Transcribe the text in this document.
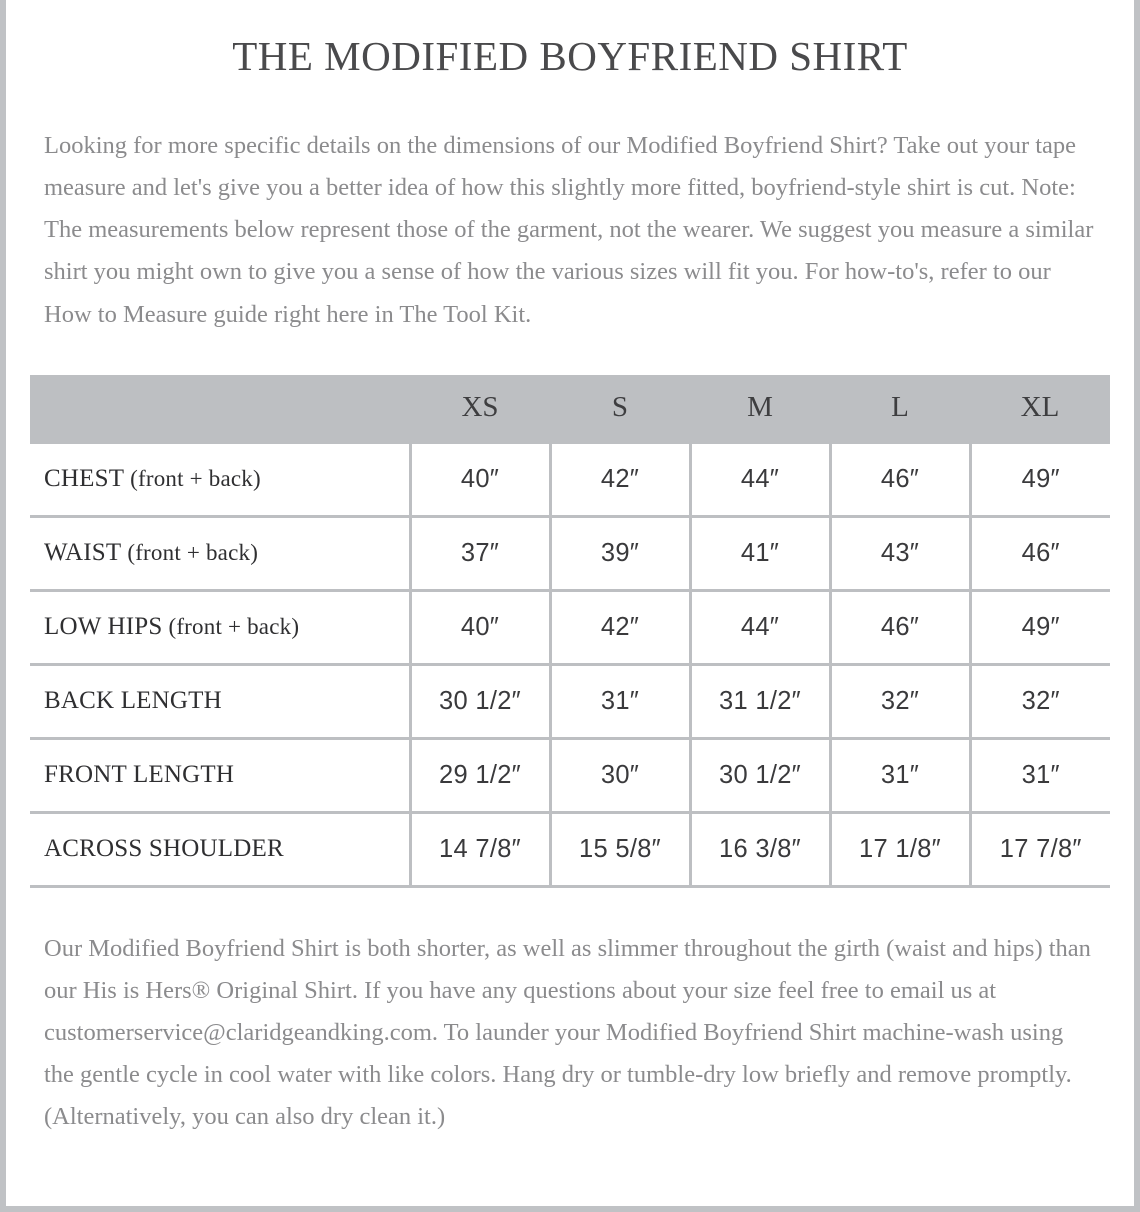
THE MODIFIED BOYFRIEND SHIRT

Looking for more specific details on the dimensions of our Modified Boyfriend Shirt? Take out your tape measure and let's give you a better idea of how this slightly more fitted, boyfriend-style shirt is cut. Note: The measurements below represent those of the garment, not the wearer. We suggest you measure a similar shirt you might own to give you a sense of how the various sizes will fit you. For how-to's, refer to our How to Measure guide right here in The Tool Kit.

	XS	S	M	L	XL
CHEST (front + back)	40″	42″	44″	46″	49″
WAIST (front + back)	37″	39″	41″	43″	46″
LOW HIPS (front + back)	40″	42″	44″	46″	49″
BACK LENGTH	30 1/2″	31″	31 1/2″	32″	32″
FRONT LENGTH	29 1/2″	30″	30 1/2″	31″	31″
ACROSS SHOULDER	14 7/8″	15 5/8″	16 3/8″	17 1/8″	17 7/8″

Our Modified Boyfriend Shirt is both shorter, as well as slimmer throughout the girth (waist and hips) than our His is Hers® Original Shirt. If you have any questions about your size feel free to email us at customerservice@claridgeandking.com. To launder your Modified Boyfriend Shirt machine-wash using the gentle cycle in cool water with like colors. Hang dry or tumble-dry low briefly and remove promptly. (Alternatively, you can also dry clean it.)
